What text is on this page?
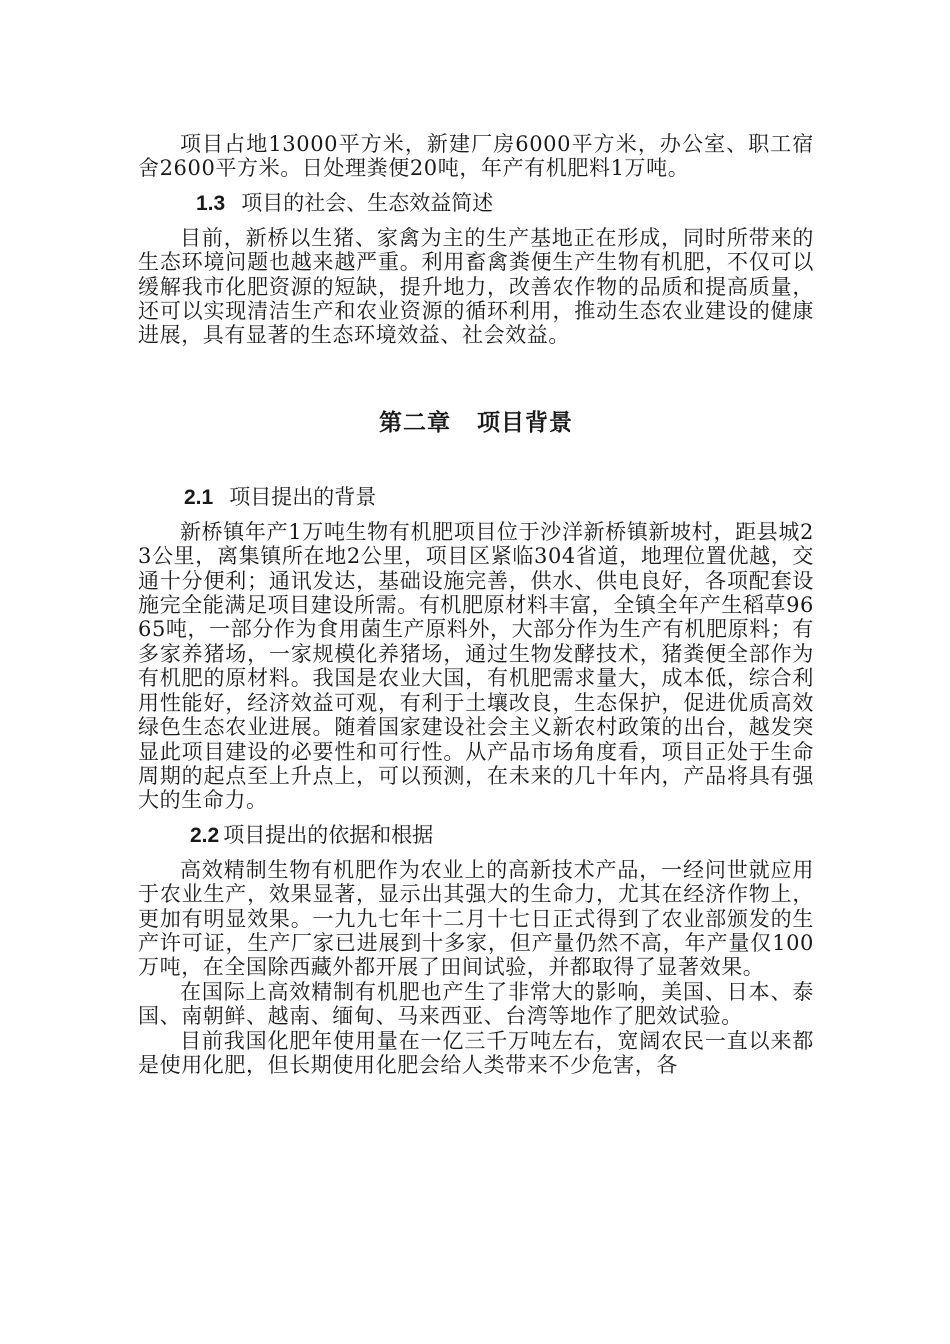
项目占地13000平方米，新建厂房6000平方米，办公室、职工宿舍2600平方米。日处理粪便20吨，年产有机肥料1万吨。

1.3 项目的社会、生态效益简述

目前，新桥以生猪、家禽为主的生产基地正在形成，同时所带来的生态环境问题也越来越严重。利用畜禽粪便生产生物有机肥，不仅可以缓解我市化肥资源的短缺，提升地力，改善农作物的品质和提高质量，还可以实现清洁生产和农业资源的循环利用，推动生态农业建设的健康进展，具有显著的生态环境效益、社会效益。

第二章 项目背景

2.1 项目提出的背景

新桥镇年产1万吨生物有机肥项目位于沙洋新桥镇新坡村，距县城23公里，离集镇所在地2公里，项目区紧临304省道，地理位置优越，交通十分便利；通讯发达，基础设施完善，供水、供电良好，各项配套设施完全能满足项目建设所需。有机肥原材料丰富，全镇全年产生稻草9665吨，一部分作为食用菌生产原料外，大部分作为生产有机肥原料；有多家养猪场，一家规模化养猪场，通过生物发酵技术，猪粪便全部作为有机肥的原材料。我国是农业大国，有机肥需求量大，成本低，综合利用性能好，经济效益可观，有利于土壤改良，生态保护，促进优质高效绿色生态农业进展。随着国家建设社会主义新农村政策的出台，越发突显此项目建设的必要性和可行性。从产品市场角度看，项目正处于生命周期的起点至上升点上，可以预测，在未来的几十年内，产品将具有强大的生命力。

2.2 项目提出的依据和根据

高效精制生物有机肥作为农业上的高新技术产品，一经问世就应用于农业生产，效果显著，显示出其强大的生命力，尤其在经济作物上，更加有明显效果。一九九七年十二月十七日正式得到了农业部颁发的生产许可证，生产厂家已进展到十多家，但产量仍然不高，年产量仅100万吨，在全国除西藏外都开展了田间试验，并都取得了显著效果。

在国际上高效精制有机肥也产生了非常大的影响，美国、日本、泰国、南朝鲜、越南、缅甸、马来西亚、台湾等地作了肥效试验。

目前我国化肥年使用量在一亿三千万吨左右，宽阔农民一直以来都是使用化肥，但长期使用化肥会给人类带来不少危害，各
